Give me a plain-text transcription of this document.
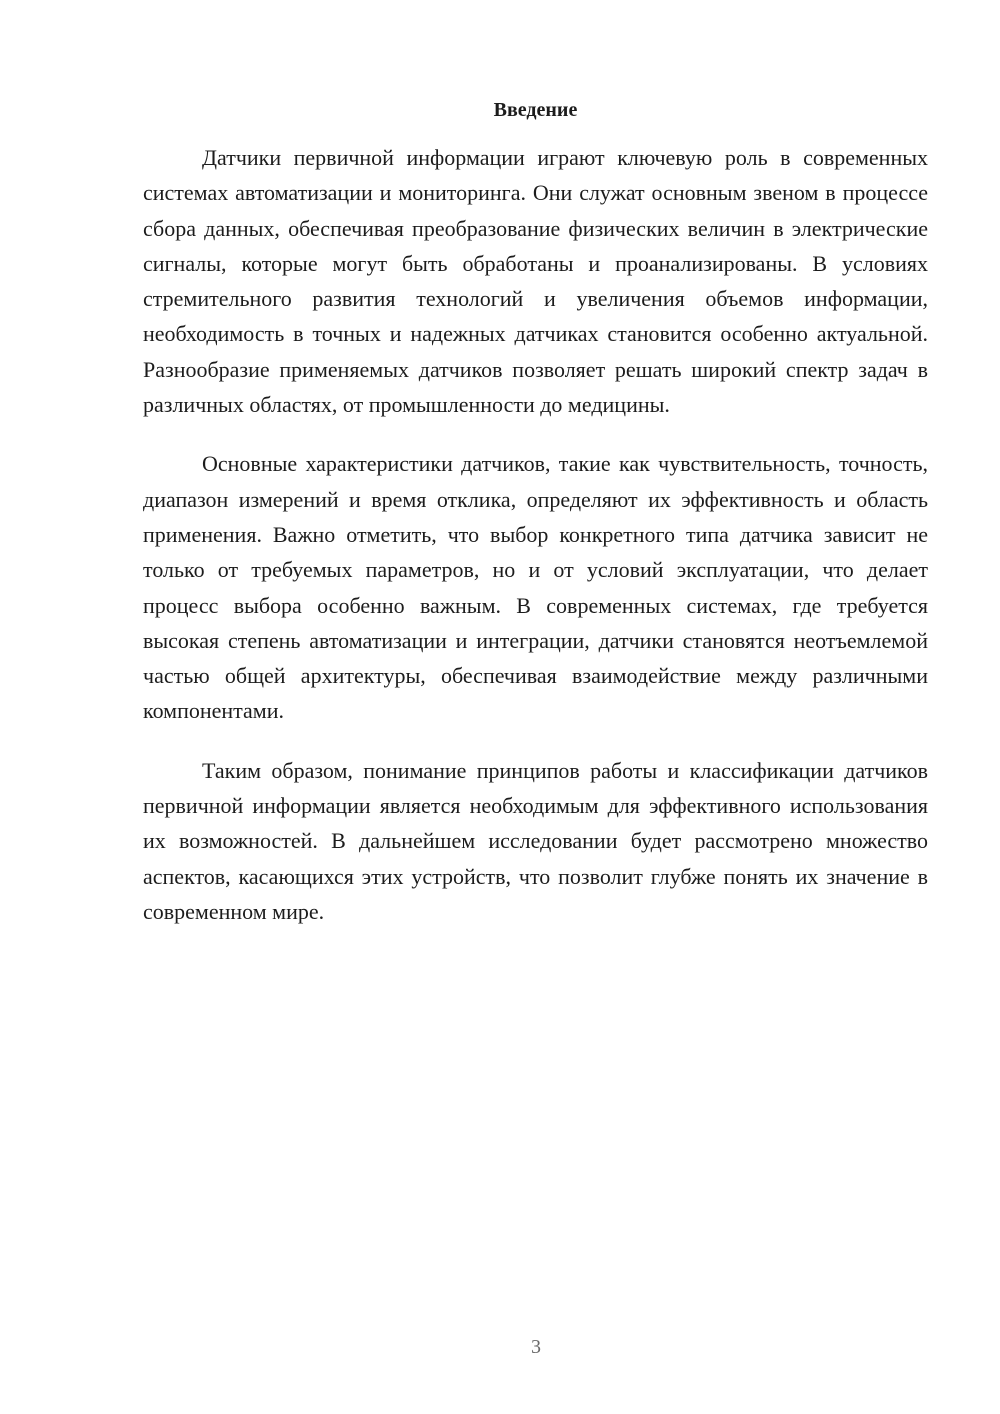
Введение

Датчики первичной информации играют ключевую роль в современных системах автоматизации и мониторинга. Они служат основным звеном в процессе сбора данных, обеспечивая преобразование физических величин в электрические сигналы, которые могут быть обработаны и проанализированы. В условиях стремительного развития технологий и увеличения объемов информации, необходимость в точных и надежных датчиках становится особенно актуальной. Разнообразие применяемых датчиков позволяет решать широкий спектр задач в различных областях, от промышленности до медицины.

Основные характеристики датчиков, такие как чувствительность, точность, диапазон измерений и время отклика, определяют их эффективность и область применения. Важно отметить, что выбор конкретного типа датчика зависит не только от требуемых параметров, но и от условий эксплуатации, что делает процесс выбора особенно важным. В современных системах, где требуется высокая степень автоматизации и интеграции, датчики становятся неотъемлемой частью общей архитектуры, обеспечивая взаимодействие между различными компонентами.

Таким образом, понимание принципов работы и классификации датчиков первичной информации является необходимым для эффективного использования их возможностей. В дальнейшем исследовании будет рассмотрено множество аспектов, касающихся этих устройств, что позволит глубже понять их значение в современном мире.

3
